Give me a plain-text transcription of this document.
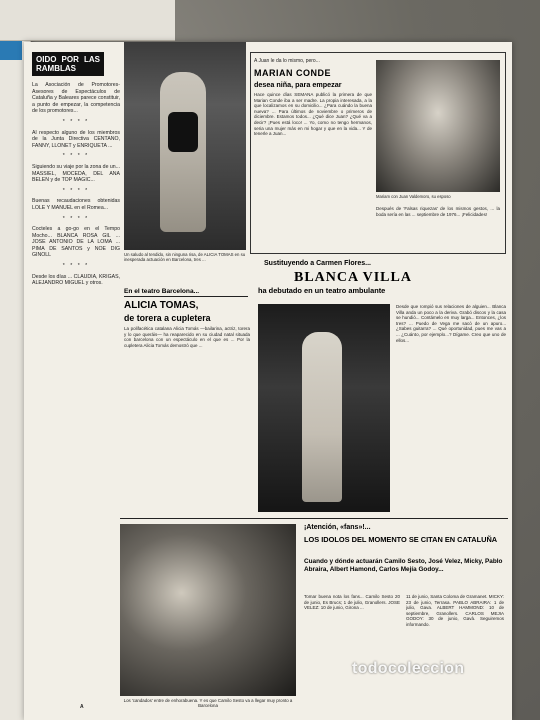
OIDO POR LAS RAMBLAS

La Asociación de Promotores-Asesores de Espectáculos de Cataluña y Baleares parece constituir, a punto de empezar, la competencia de los promotores...

* * * *

Al respecto alguno de los miembros de la Junta Directiva CENTANO, FANNY, LLONET y ENRIQUETA ...

* * * *

Siguiendo su viaje por la zona de un... MASSIEL, MOCEDA, DEL ANA BELEN y de TOP MAGIC...

* * * *

Buenas recaudaciones obtenidas LOLE Y MANUEL en el Romea...

* * * *

Cocteles a go-go en el Tempo Mocho... BLANCA ROSA GIL ... JOSE ANTONIO DE LA LOMA ... PIMA DE SANTOS y NOE DIG GINOLL

* * * *

Desde los días ... CLAUDIA, KRIGAS, ALEJANDRO MIGUEL y otros.

Un saludo al tendido, sin ninguna risa, de ALICIA TOMAS en su inesperada actuación en Barcelona, tres ...
A Juan le da lo mismo, pero...
MARIAN CONDE
desea niña, para empezar
Hace quince días SEMANA publicó la primera de que Marian Conde iba a ser madre. La propia interesada, a la que localizamos en su domicilio... ¿Para cuándo la buena nueva? ... Para últimos de noviembre o primeros de diciembre. Estamos todos... ¿Qué dice Juan? ¿Qué va a decir? ¡Pues está loco! ... Yo, como no tengo hermanos, seria una mujer más en mi hogar y que en la vida... Y de tenerle a Juan...
Mariam con Juan Valdemoro, su esposo
Después de 'Falsas riquezas' de los mismos gestos, ... la boda sería en las ... septiembre de 1976... ¡Felicidades!
Sustituyendo a Carmen Flores...
BLANCA VILLA
ha debutado en un teatro ambulante
Desde que rompió sus relaciones de alguien... Blanca Villa anda un poco a la deriva. Grabó discos y la casa se hundió... Contámelo en muy larga... Entonces, ¿los tres? ... Puedo de Vega me sacó de un apuro... ¿Sabes guitarra? ... Qué oportunidad, pues me vas a ... ¿Cuánto, por ejemplo...? Dígame. Creo que uno de ellos...
En el teatro Barcelona...
ALICIA TOMAS,
de torera a cupletera
La polifacética catalana Alicia Tomás —bailarina, actriz, torera y lo que queráis— ha reaparecido en su ciudad natal situada con barcelona con un espectáculo en el que es ... Por la cupletera Alicia Tomás demostró que ...
Los 'candados' entre de enhorabuena. Y es que Camilo Sesto va a llegar muy pronto a Barcelona
¡Atención, «fans»!...
LOS IDOLOS DEL MOMENTO SE CITAN EN CATALUÑA
Cuando y dónde actuarán Camilo Sesto, José Velez, Micky, Pablo Abraira, Albert Hamond, Carlos Mejía Godoy...
Tomar buena nota los fans... Camilo Sesto 20 de junio, Es Brucs; 1 de julio, Granollers. JOSE VELEZ: 10 de junio, Girona ...
11 de junio, Santa Coloma de Gramanet. MICKY: 23 de junio, Terrasa. PABLO ABRAIRA: 1 de julio, Gava. ALBERT HAMMOND: 10 de septiembre, Granollers. CARLOS MEJIA GODOY: 30 de junio, Gavà. Seguiremos informando.
A
todocoleccion
